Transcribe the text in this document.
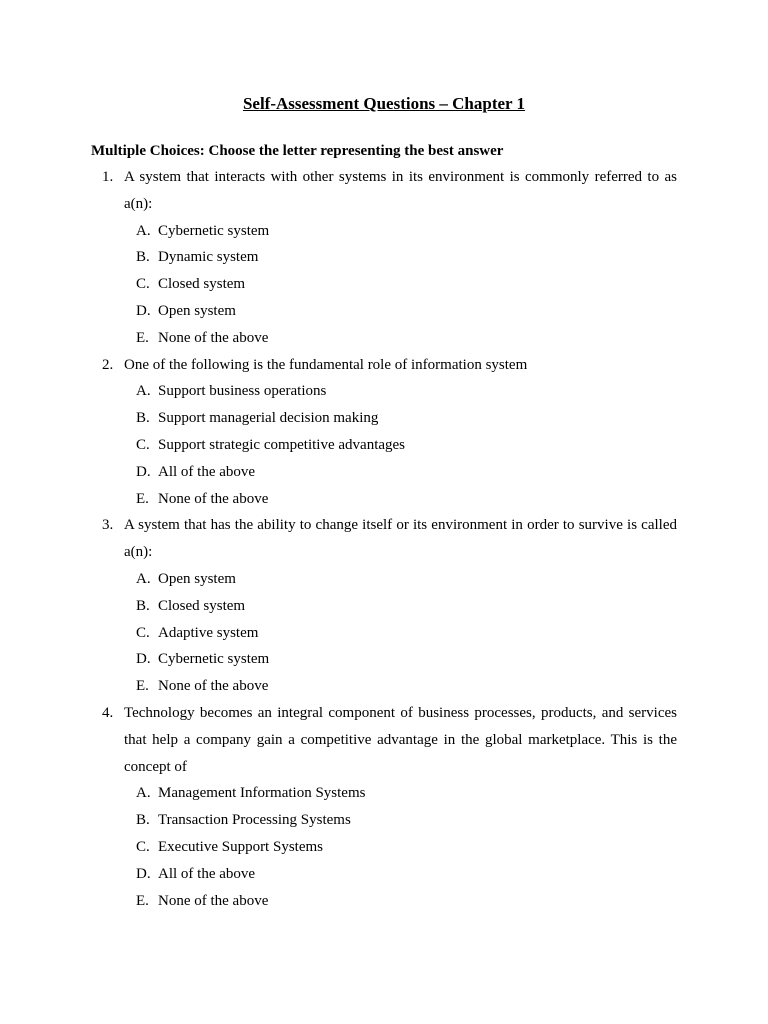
Self-Assessment Questions – Chapter 1
Multiple Choices: Choose the letter representing the best answer
1. A system that interacts with other systems in its environment is commonly referred to as a(n):
A. Cybernetic system
B. Dynamic system
C. Closed system
D. Open system
E. None of the above
2. One of the following is the fundamental role of information system
A. Support business operations
B. Support managerial decision making
C. Support strategic competitive advantages
D. All of the above
E. None of the above
3. A system that has the ability to change itself or its environment in order to survive is called a(n):
A. Open system
B. Closed system
C. Adaptive system
D. Cybernetic system
E. None of the above
4. Technology becomes an integral component of business processes, products, and services that help a company gain a competitive advantage in the global marketplace. This is the concept of
A. Management Information Systems
B. Transaction Processing Systems
C. Executive Support Systems
D. All of the above
E. None of the above
